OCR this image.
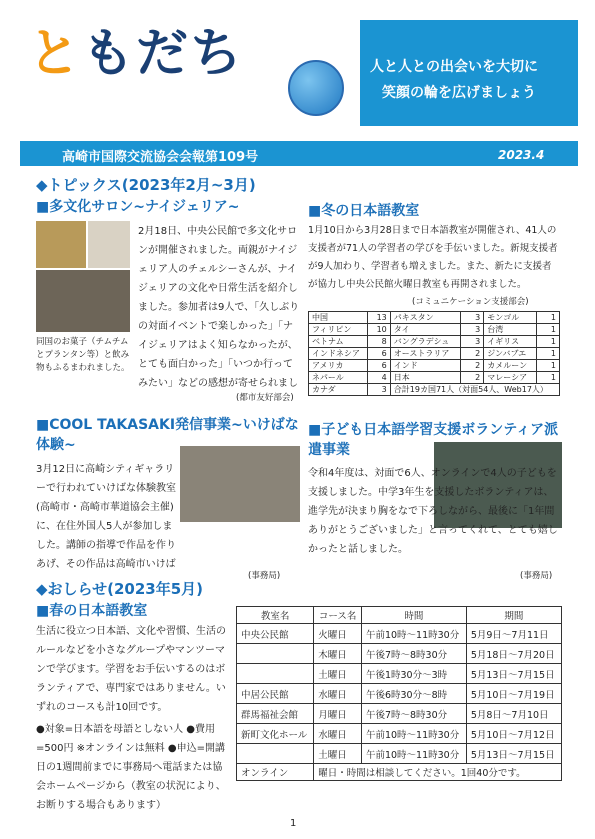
ともだち	人と人との出会いを大切に
笑顔の輪を広げましょう
高崎市国際交流協会会報第109号	2023.4
◆トピックス(2023年2月~3月)
■多文化サロン~ナイジェリア~
同国のお菓子（チムチムとプランタン等）と飲み物もふるまわれました。
2月18日、中央公民館で多文化サロンが開催されました。両親がナイジェリア人のチェルシーさんが、ナイジェリアの文化や日常生活を紹介しました。参加者は9人で、「久しぶりの対面イベントで楽しかった」「ナイジェリアはよく知らなかったが、とても面白かった」「いつか行ってみたい」などの感想が寄せられまし
(都市友好部会)
■冬の日本語教室
1月10日から3月28日まで日本語教室が開催され、41人の支援者が71人の学習者の学びを手伝いました。新規支援者が9人加わり、学習者も増えました。また、新たに支援者が協力し中央公民館火曜日教室も再開されました。
(コミュニケーション支援部会)
中国	13	パキスタン	3	モンゴル	1
フィリピン	10	タイ	3	台湾	1
ベトナム	8	バングラデシュ	3	イギリス	1
インドネシア	6	オーストラリア	2	ジンバブエ	1
アメリカ	6	インド	2	カメルーン	1
ネパール	4	日本	2	マレーシア	1
カナダ	3	合計19カ国71人（対面54人、Web17人）			
■COOL TAKASAKI発信事業~いけばな体験~
3月12日に高崎シティギャラリーで行われていけばな体験教室(高崎市・高崎市華道協会主催)に、在住外国人5人が参加しました。講師の指導で作品を作りあげ、その作品は高崎市いけば
(事務局)
■子ども日本語学習支援ボランティア派遣事業
令和4年度は、対面で6人、オンラインで4人の子どもを支援しました。中学3年生を支援したボランティアは、進学先が決まり胸をなで下ろしながら、最後に「1年間ありがとうございました」と言ってくれて、とても嬉しかったと話しました。
(事務局)
◆おしらせ(2023年5月)
■春の日本語教室
生活に役立つ日本語、文化や習慣、生活のルールなどを小さなグループやマンツーマンで学びます。学習をお手伝いするのはボランティアで、専門家ではありません。いずれのコースも計10回です。
●対象=日本語を母語としない人 ●費用=500円 ※オンラインは無料 ●申込=開講日の1週間前までに事務局へ電話または協会ホームページから（教室の状況により、お断りする場合もあります）
教室名	コース名	時間	期間
中央公民館	火曜日	午前10時～11時30分	5月9日～7月11日
	木曜日	午後7時～8時30分	5月18日～7月20日
	土曜日	午後1時30分～3時	5月13日～7月15日
中居公民館	水曜日	午後6時30分～8時	5月10日～7月19日
群馬福祉会館	月曜日	午後7時～8時30分	5月8日～7月10日
新町文化ホール	水曜日	午前10時～11時30分	5月10日～7月12日
	土曜日	午前10時～11時30分	5月13日～7月15日
オンライン	曜日・時間は相談してください。1回40分です。		
1
